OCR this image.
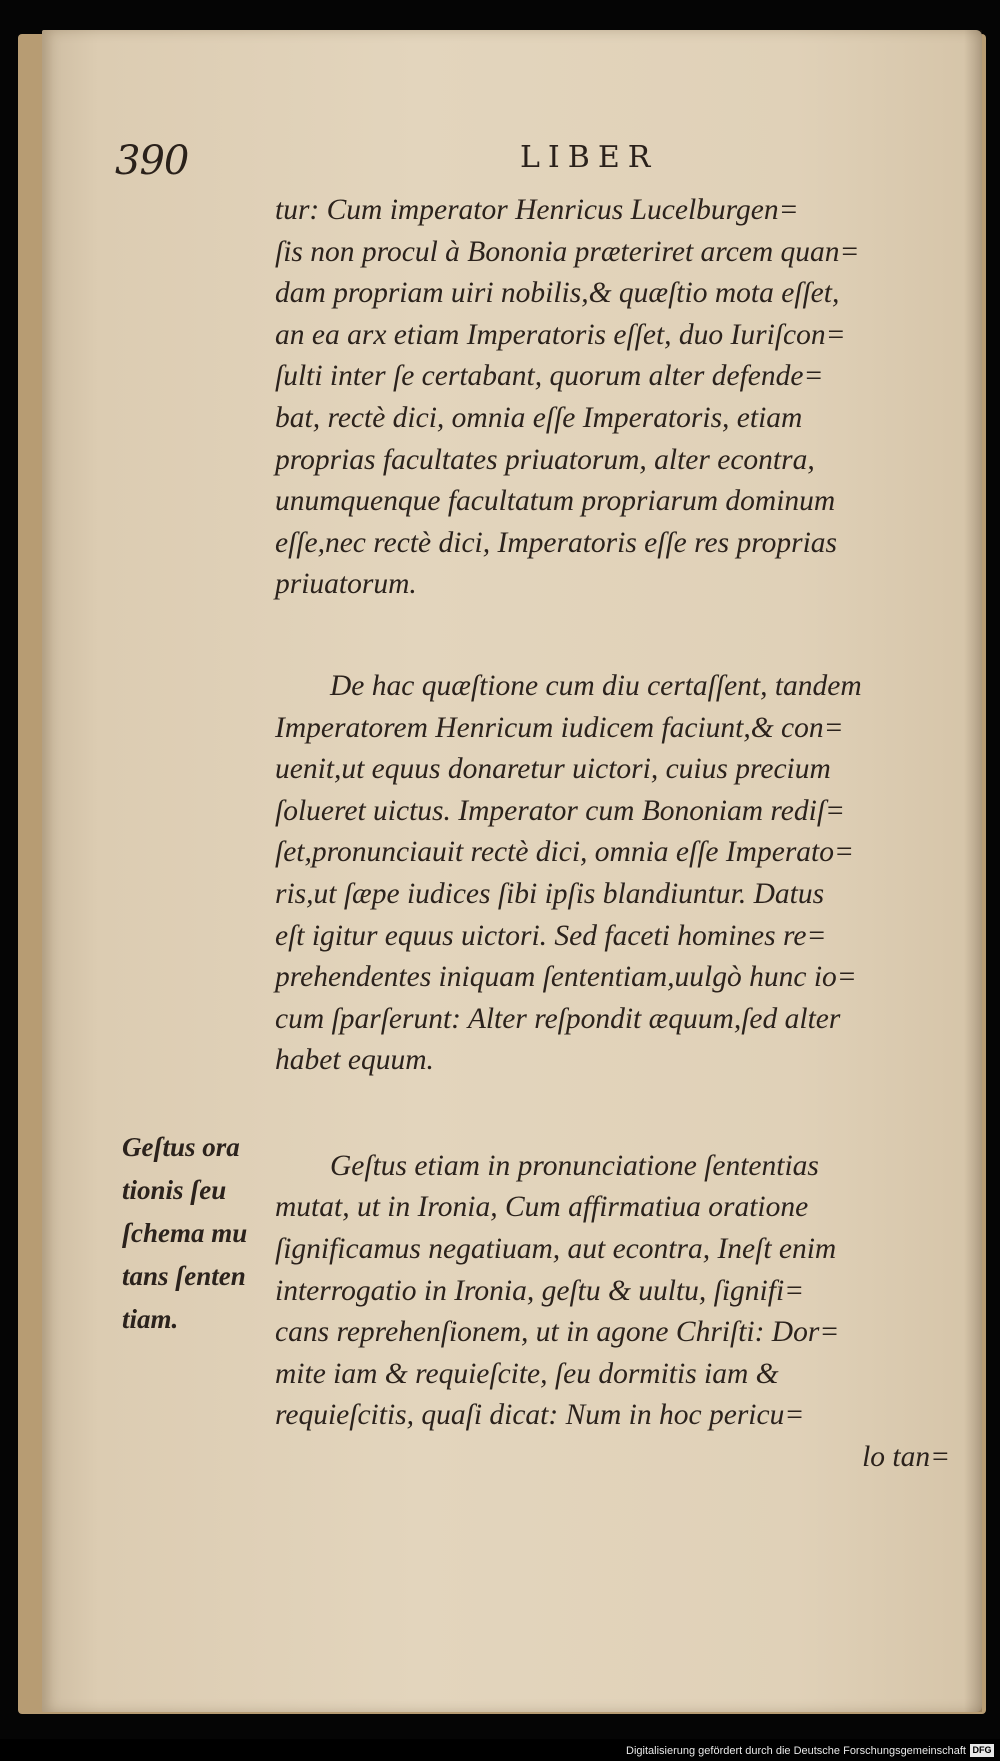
390	LIBER
tur: Cum imperator Henricus Lucelburgen=
ſis non procul à Bononia præteriret arcem quan=
dam propriam uiri nobilis,& quæſtio mota eſſet,
an ea arx etiam Imperatoris eſſet, duo Iuriſcon=
ſulti inter ſe certabant, quorum alter defende=
bat, rectè dici, omnia eſſe Imperatoris, etiam
proprias facultates priuatorum, alter econtra,
unumquenque facultatum propriarum dominum
eſſe,nec rectè dici, Imperatoris eſſe res proprias
priuatorum.
De hac quæſtione cum diu certaſſent, tandem
Imperatorem Henricum iudicem faciunt,& con=
uenit,ut equus donaretur uictori, cuius precium
ſolueret uictus. Imperator cum Bononiam rediſ=
ſet,pronunciauit rectè dici, omnia eſſe Imperato=
ris,ut ſæpe iudices ſibi ipſis blandiuntur. Datus
eſt igitur equus uictori. Sed faceti homines re=
prehendentes iniquam ſententiam,uulgò hunc io=
cum ſparſerunt: Alter reſpondit æquum,ſed alter
habet equum.
Geſtus etiam in pronunciatione ſententias
mutat, ut in Ironia, Cum affirmatiua oratione
ſignificamus negatiuam, aut econtra, Ineſt enim
interrogatio in Ironia, geſtu & uultu, ſignifi=
cans reprehenſionem, ut in agone Chriſti: Dor=
mite iam & requieſcite, ſeu dormitis iam &
requieſcitis, quaſi dicat: Num in hoc pericu=
lo tan=
Geſtus ora
tionis ſeu
ſchema mu
tans ſenten
tiam.
Digitalisierung gefördert durch die Deutsche Forschungsgemeinschaft DFG
